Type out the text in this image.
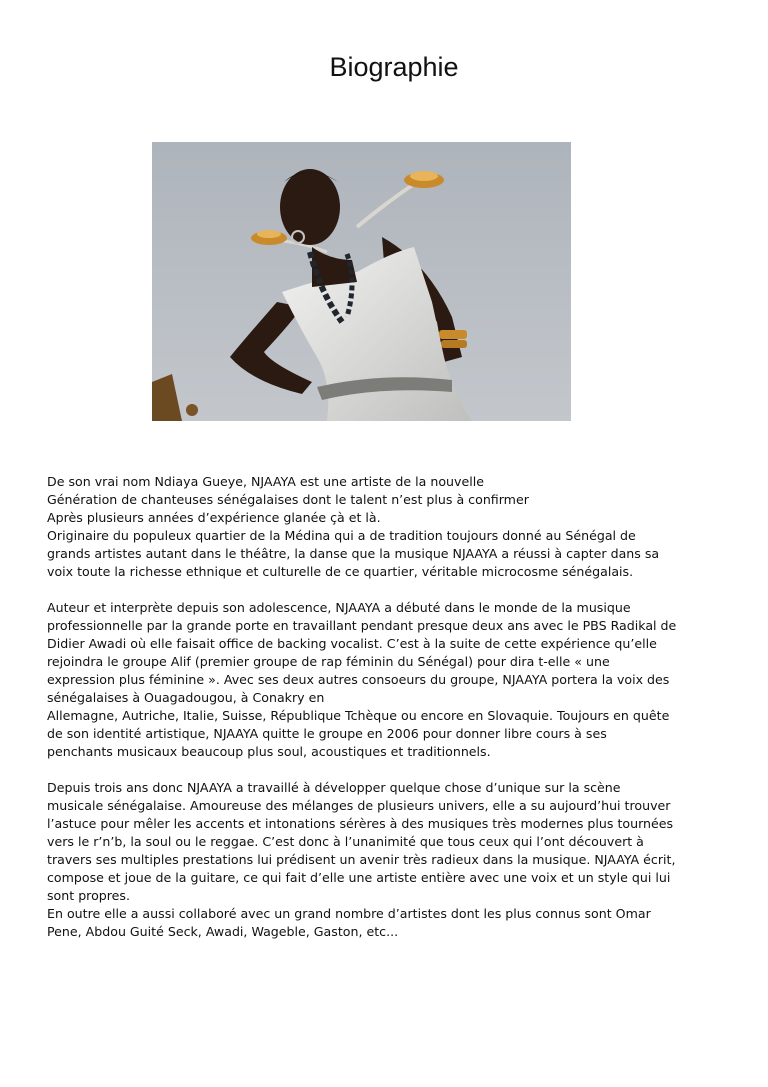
Biographie
De son vrai nom Ndiaya Gueye, NJAAYA est une artiste de la nouvelle
Génération de chanteuses sénégalaises dont le talent n’est plus à confirmer
Après plusieurs années d’expérience glanée çà et là.
Originaire du populeux quartier de la Médina qui a de tradition toujours donné au Sénégal de
grands artistes autant dans le théâtre, la danse que la musique NJAAYA a réussi à capter dans sa
voix toute la richesse ethnique et culturelle de ce quartier, véritable microcosme sénégalais.
Auteur et interprète depuis son adolescence, NJAAYA a débuté dans le monde de la musique
professionnelle par la grande porte en travaillant pendant presque deux ans avec le PBS Radikal de
Didier Awadi où elle faisait office de backing vocalist. C’est à la suite de cette expérience qu’elle
rejoindra le groupe Alif (premier groupe de rap féminin du Sénégal) pour dira t-elle « une
expression plus féminine ». Avec ses deux autres consoeurs du groupe, NJAAYA portera la voix des
sénégalaises à Ouagadougou, à Conakry en
Allemagne, Autriche, Italie, Suisse, République Tchèque ou encore en Slovaquie. Toujours en quête
de son identité artistique, NJAAYA quitte le groupe en 2006 pour donner libre cours à ses
penchants musicaux beaucoup plus soul, acoustiques et traditionnels.
Depuis trois ans donc NJAAYA a travaillé à développer quelque chose d’unique sur la scène
musicale sénégalaise. Amoureuse des mélanges de plusieurs univers, elle a su aujourd’hui trouver
l’astuce pour mêler les accents et intonations sérères à des musiques très modernes plus tournées
vers le r’n’b, la soul ou le reggae. C’est donc à l’unanimité que tous ceux qui l’ont découvert à
travers ses multiples prestations lui prédisent un avenir très radieux dans la musique. NJAAYA écrit,
compose et joue de la guitare, ce qui fait d’elle une artiste entière avec une voix et un style qui lui
sont propres.
En outre elle a aussi collaboré avec un grand nombre d’artistes dont les plus connus sont Omar
Pene, Abdou Guité Seck, Awadi, Wageble, Gaston, etc...
